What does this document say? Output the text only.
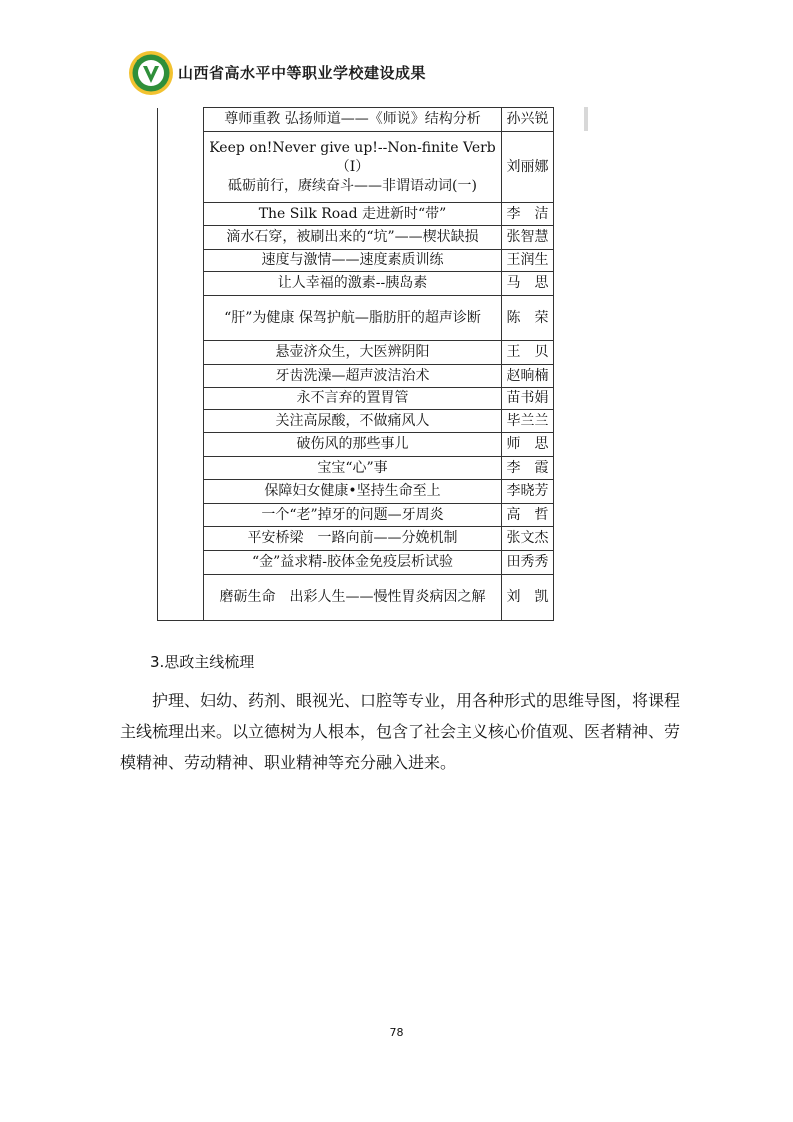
山西省高水平中等职业学校建设成果
	尊师重教 弘扬师道——《师说》结构分析	孙兴锐
	Keep on!Never give up!--Non-finite Verb（I）
砥砺前行，赓续奋斗——非谓语动词(一)	刘丽娜
	The Silk Road 走进新时“带”	李　洁
	滴水石穿，被刷出来的“坑”——楔状缺损	张智慧
	速度与激情——速度素质训练	王润生
	让人幸福的激素--胰岛素	马　思
	“肝”为健康 保驾护航—脂肪肝的超声诊断	陈　荣
	悬壶济众生，大医辨阴阳	王　贝
	牙齿洗澡—超声波洁治术	赵晌楠
	永不言弃的置胃管	苗书娟
	关注高尿酸，不做痛风人	毕兰兰
	破伤风的那些事儿	师　思
	宝宝“心”事	李　霞
	保障妇女健康•坚持生命至上	李晓芳
	一个“老”掉牙的问题—牙周炎	高　哲
	平安桥梁　一路向前——分娩机制	张文杰
	“金”益求精-胶体金免疫层析试验	田秀秀
	磨砺生命　出彩人生——慢性胃炎病因之解	刘　凯
3.思政主线梳理

护理、妇幼、药剂、眼视光、口腔等专业，用各种形式的思维导图，将课程主线梳理出来。以立德树为人根本，包含了社会主义核心价值观、医者精神、劳模精神、劳动精神、职业精神等充分融入进来。

78
